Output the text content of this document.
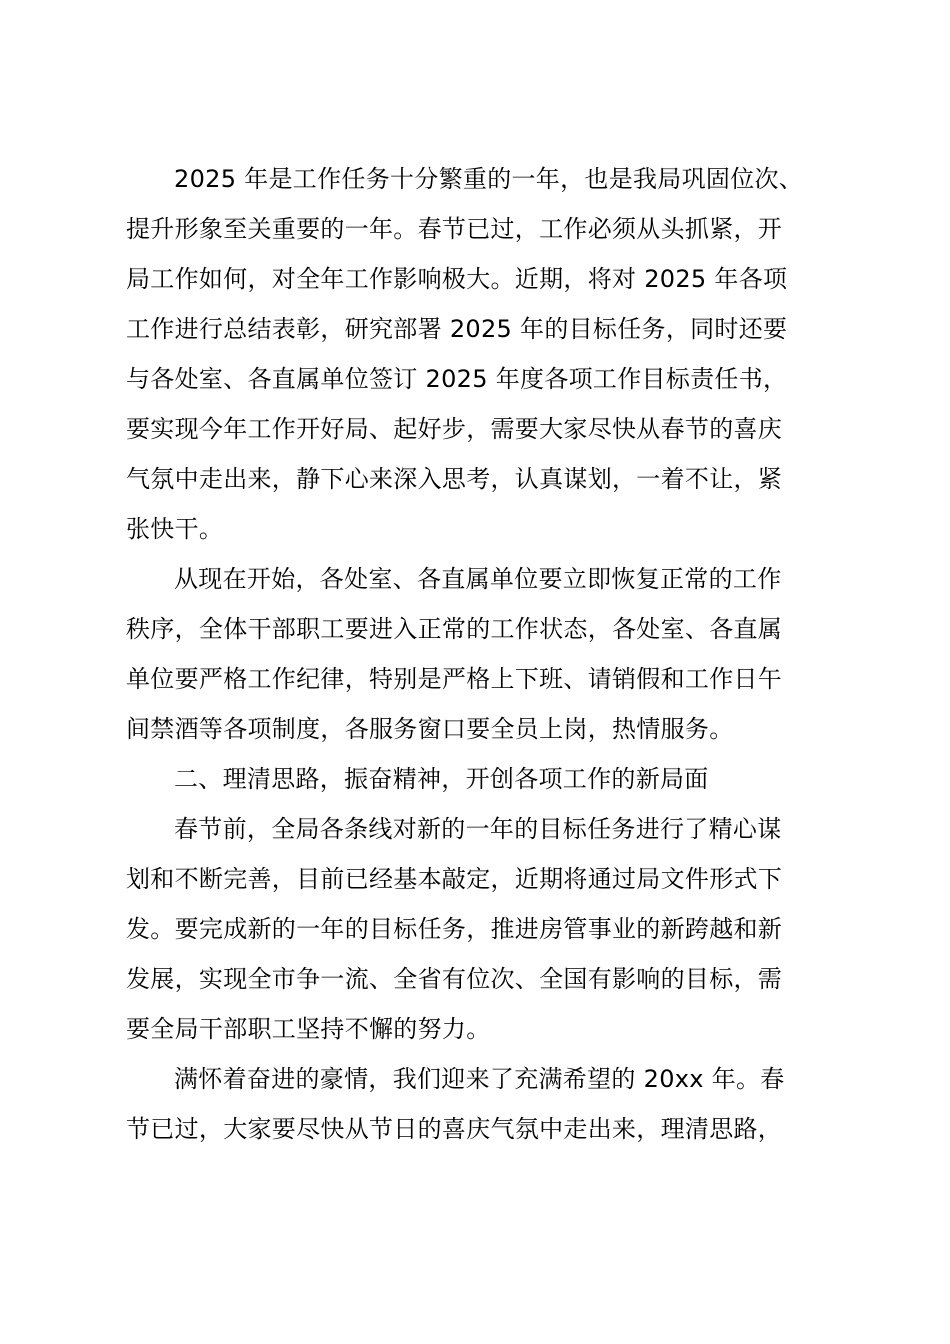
2025 年是工作任务十分繁重的一年，也是我局巩固位次、
提升形象至关重要的一年。春节已过，工作必须从头抓紧，开
局工作如何，对全年工作影响极大。近期，将对 2025 年各项
工作进行总结表彰，研究部署 2025 年的目标任务，同时还要
与各处室、各直属单位签订 2025 年度各项工作目标责任书，
要实现今年工作开好局、起好步，需要大家尽快从春节的喜庆
气氛中走出来，静下心来深入思考，认真谋划，一着不让，紧
张快干。

从现在开始，各处室、各直属单位要立即恢复正常的工作
秩序，全体干部职工要进入正常的工作状态，各处室、各直属
单位要严格工作纪律，特别是严格上下班、请销假和工作日午
间禁酒等各项制度，各服务窗口要全员上岗，热情服务。

二、理清思路，振奋精神，开创各项工作的新局面

春节前，全局各条线对新的一年的目标任务进行了精心谋
划和不断完善，目前已经基本敲定，近期将通过局文件形式下
发。要完成新的一年的目标任务，推进房管事业的新跨越和新
发展，实现全市争一流、全省有位次、全国有影响的目标，需
要全局干部职工坚持不懈的努力。

满怀着奋进的豪情，我们迎来了充满希望的 20xx 年。春
节已过，大家要尽快从节日的喜庆气氛中走出来，理清思路，
